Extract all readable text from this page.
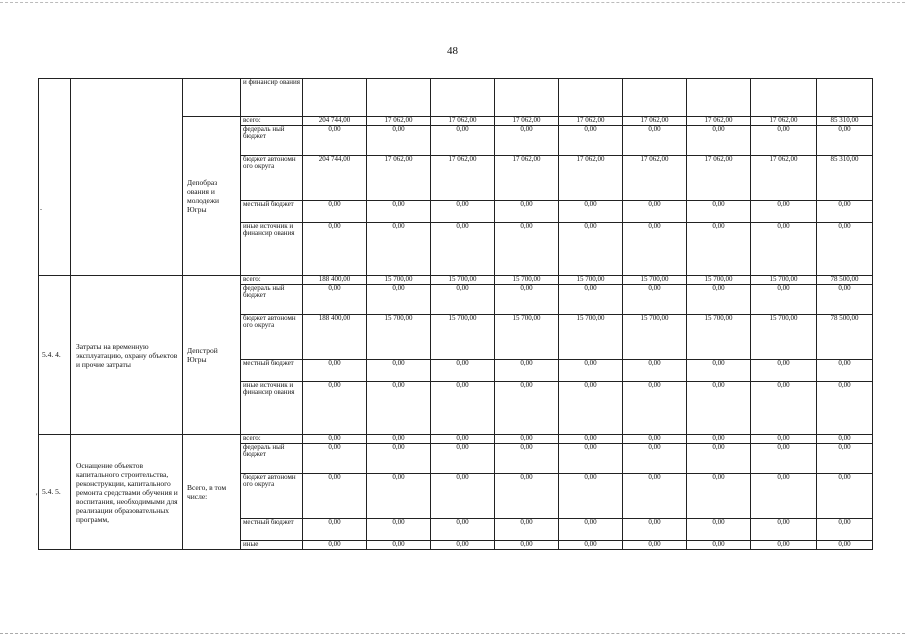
48
.
'
			и финансир ования									
		Депобраз ования и молодежи Югры	всего:	204 744,00	17 062,00	17 062,00	17 062,00	17 062,00	17 062,00	17 062,00	17 062,00	85 310,00
			федераль ный бюджет	0,00	0,00	0,00	0,00	0,00	0,00	0,00	0,00	0,00
			бюджет автономн ого округа	204 744,00	17 062,00	17 062,00	17 062,00	17 062,00	17 062,00	17 062,00	17 062,00	85 310,00
			местный бюджет	0,00	0,00	0,00	0,00	0,00	0,00	0,00	0,00	0,00
			иные источник и финансир ования	0,00	0,00	0,00	0,00	0,00	0,00	0,00	0,00	0,00
5.4. 4.	Затраты на временную эксплуатацию, охрану объектов и прочие затраты	Депстрой Югры	всего:	188 400,00	15 700,00	15 700,00	15 700,00	15 700,00	15 700,00	15 700,00	15 700,00	78 500,00
			федераль ный бюджет	0,00	0,00	0,00	0,00	0,00	0,00	0,00	0,00	0,00
			бюджет автономн ого округа	188 400,00	15 700,00	15 700,00	15 700,00	15 700,00	15 700,00	15 700,00	15 700,00	78 500,00
			местный бюджет	0,00	0,00	0,00	0,00	0,00	0,00	0,00	0,00	0,00
			иные источник и финансир ования	0,00	0,00	0,00	0,00	0,00	0,00	0,00	0,00	0,00
5.4. 5.	Оснащение объектов капитального строительства, реконструкции, капитального ремонта средствами обучения и воспитания, необходимыми для реализации образовательных программ,	Всего, в том числе:	всего:	0,00	0,00	0,00	0,00	0,00	0,00	0,00	0,00	0,00
			федераль ный бюджет	0,00	0,00	0,00	0,00	0,00	0,00	0,00	0,00	0,00
			бюджет автономн ого округа	0,00	0,00	0,00	0,00	0,00	0,00	0,00	0,00	0,00
			местный бюджет	0,00	0,00	0,00	0,00	0,00	0,00	0,00	0,00	0,00
			иные	0,00	0,00	0,00	0,00	0,00	0,00	0,00	0,00	0,00
